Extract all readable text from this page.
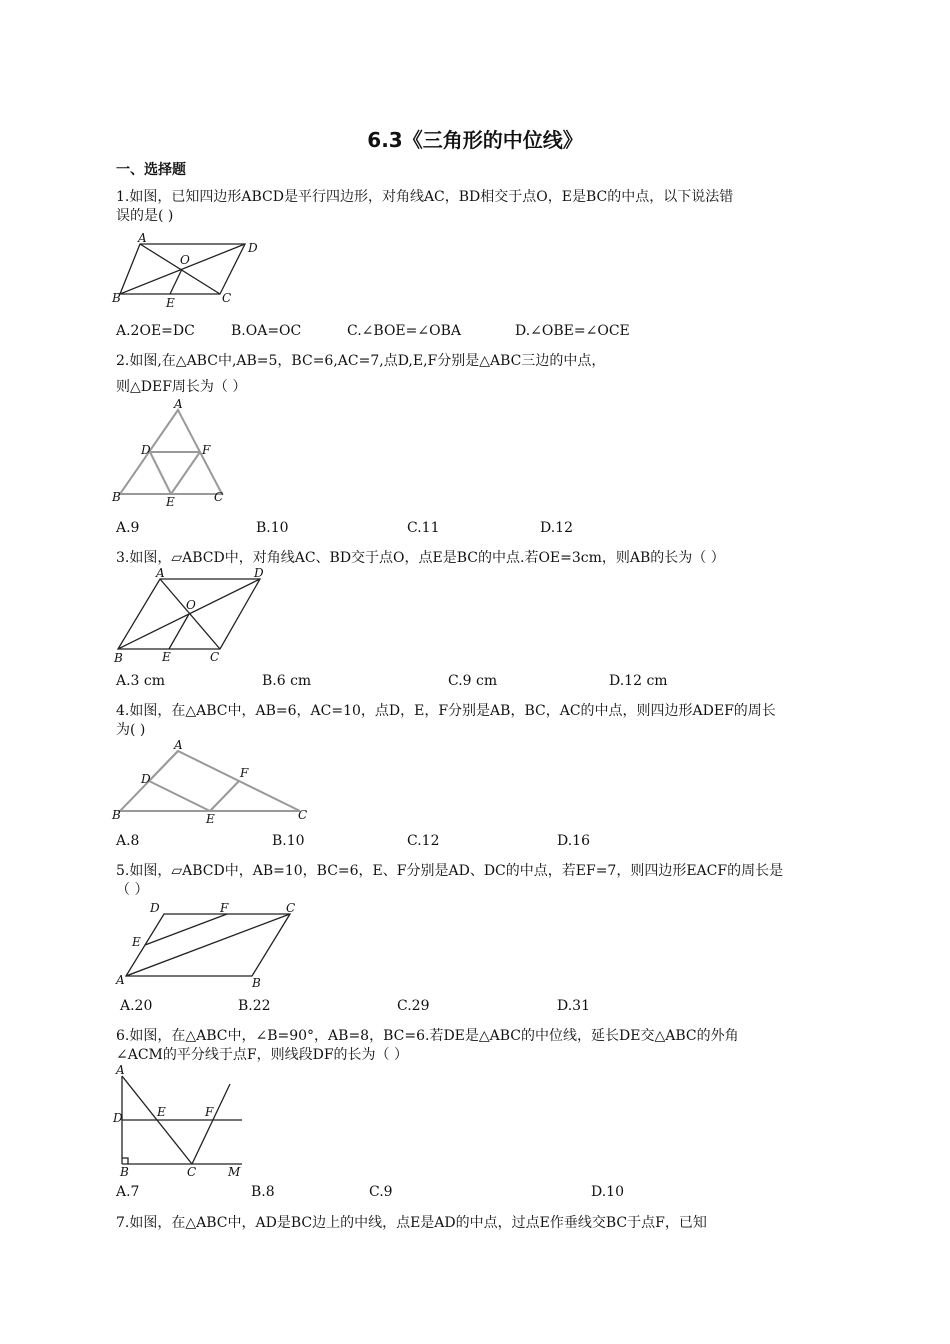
6.3《三角形的中位线》
一、选择题
1.如图，已知四边形ABCD是平行四边形，对角线AC，BD相交于点O，E是BC的中点，以下说法错
误的是( )
A
D
O
B	E	C
A.2OE=DC	B.OA=OC	C.∠BOE=∠OBA	D.∠OBE=∠OCE
2.如图,在△ABC中,AB=5，BC=6,AC=7,点D,E,F分别是△ABC三边的中点，
则△DEF周长为（ ）
A
D	F
B	E	C
A.9	B.10	C.11	D.12
3.如图，▱ABCD中，对角线AC、BD交于点O，点E是BC的中点.若OE=3cm，则AB的长为（ ）
A	D
O
B	E	C
A.3 cm	B.6 cm	C.9 cm	D.12 cm
4.如图，在△ABC中，AB=6，AC=10，点D，E，F分别是AB，BC，AC的中点，则四边形ADEF的周长
为( )
A
D	F
B	E	C
A.8	B.10	C.12	D.16
5.如图，▱ABCD中，AB=10，BC=6，E、F分别是AD、DC的中点，若EF=7，则四边形EACF的周长是
（ ）
D	F	C
E
A	B
A.20	B.22	C.29	D.31
6.如图，在△ABC中，∠B=90°，AB=8，BC=6.若DE是△ABC的中位线，延长DE交△ABC的外角
∠ACM的平分线于点F，则线段DF的长为（ ）
A
D	E	F
B	C	M
A.7	B.8	C.9	D.10
7.如图，在△ABC中，AD是BC边上的中线，点E是AD的中点，过点E作垂线交BC于点F，已知
